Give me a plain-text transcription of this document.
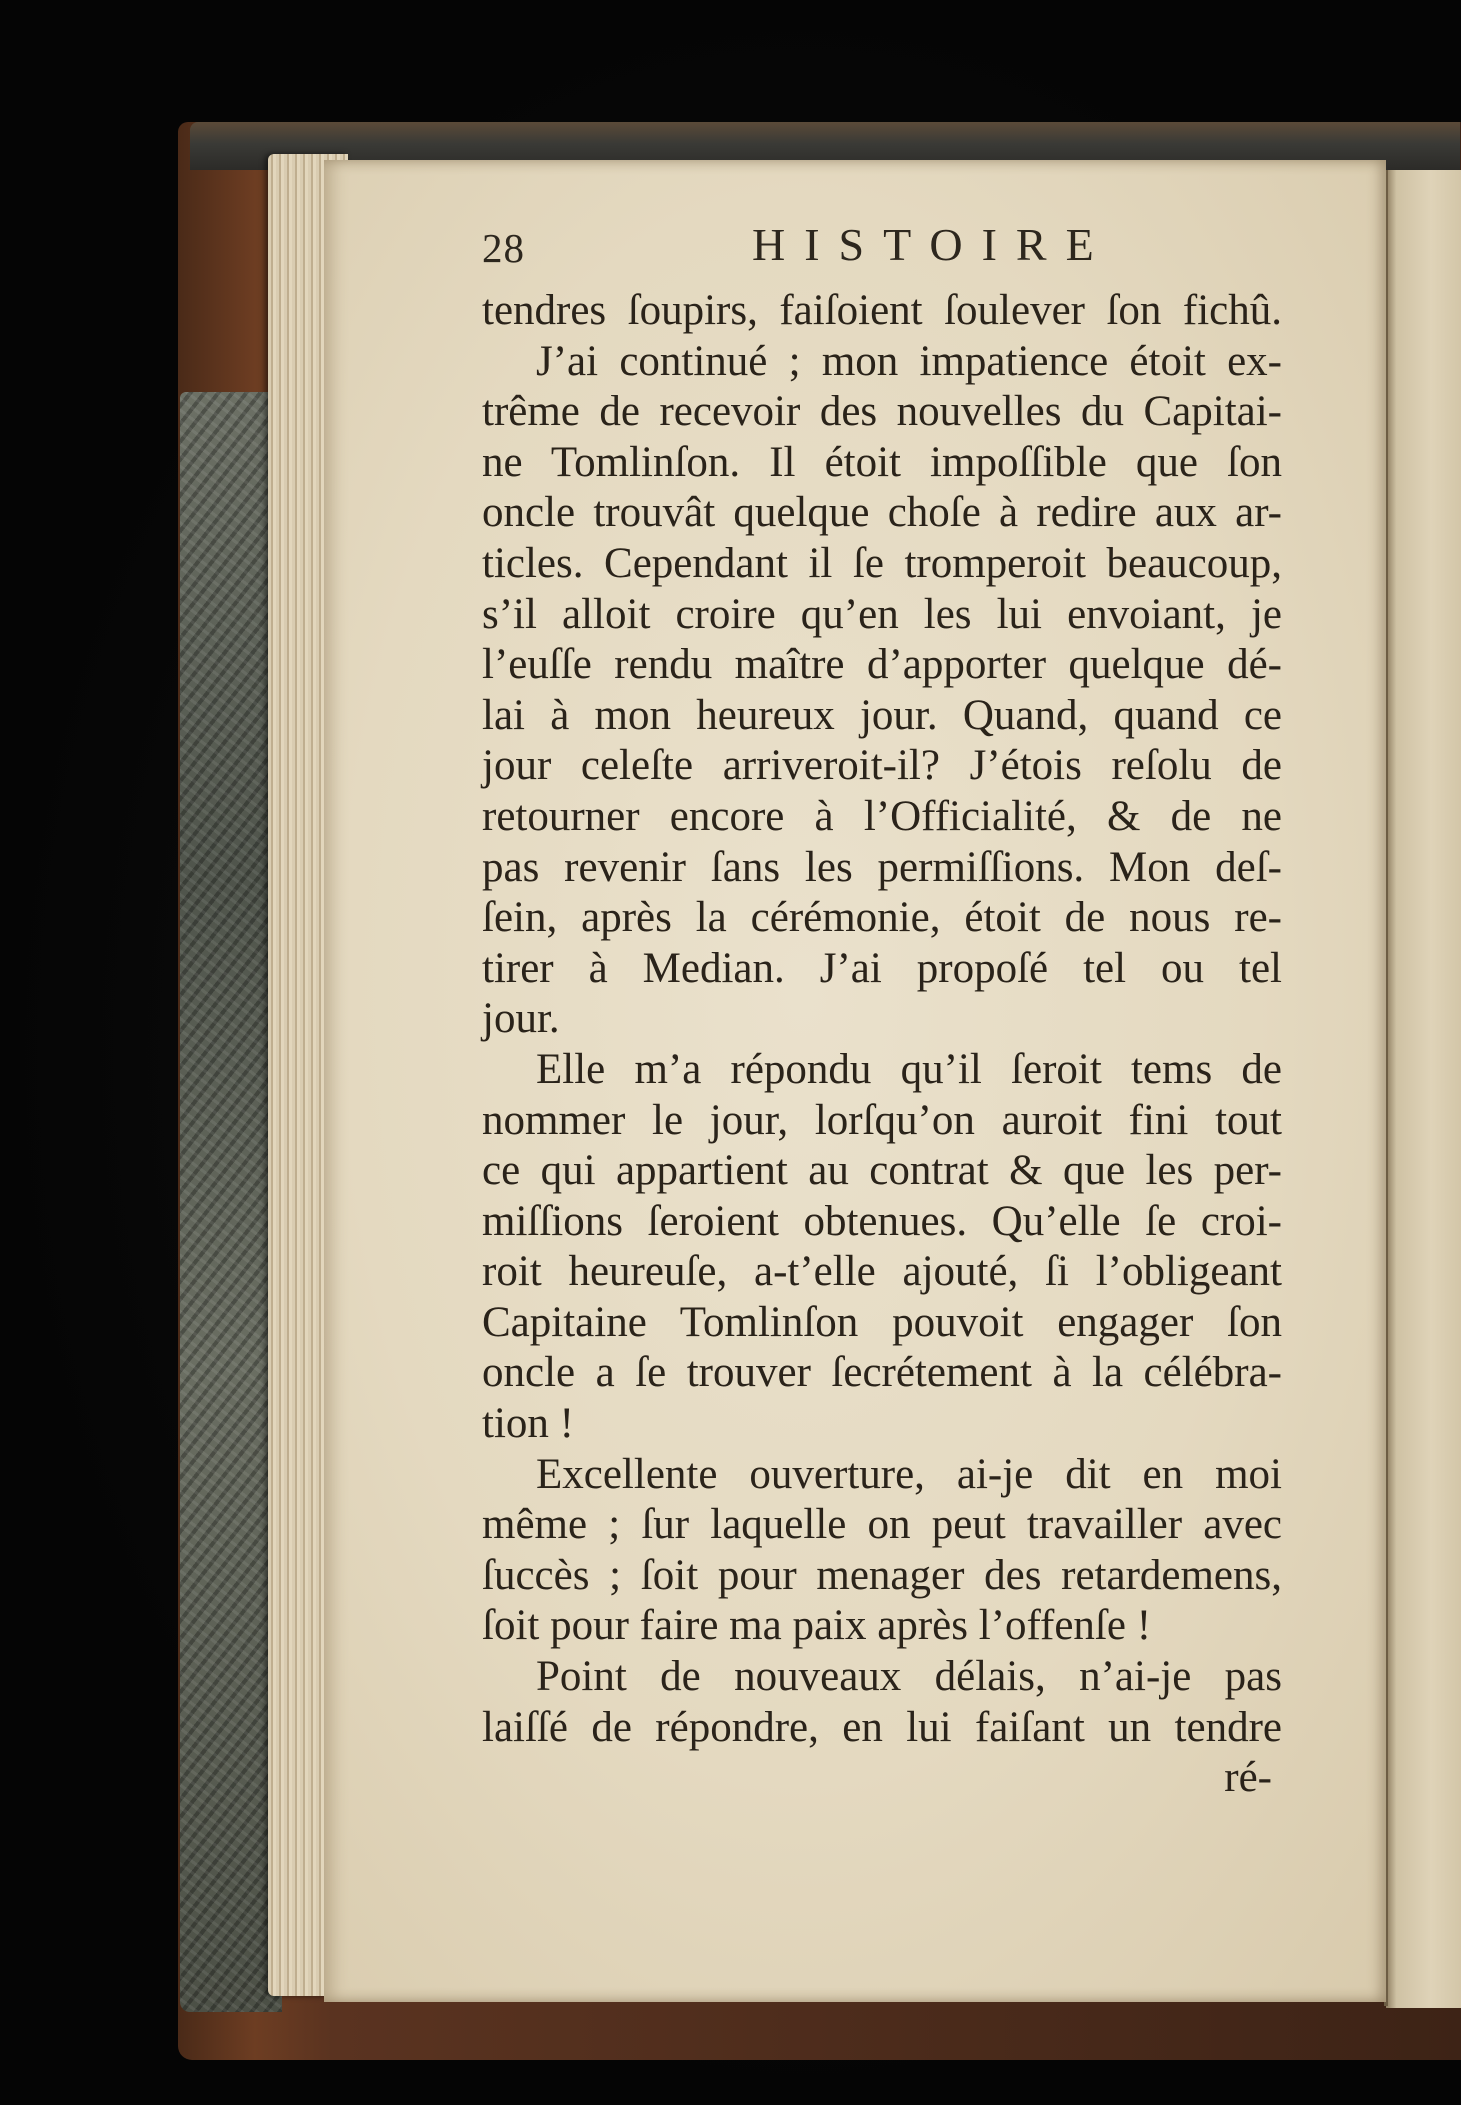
28	HISTOIRE
tendres ſoupirs, faiſoient ſoulever ſon fichû.
J’ai continué ; mon impatience étoit ex-
trême de recevoir des nouvelles du Capitai-
ne Tomlinſon. Il étoit impoſſible que ſon
oncle trouvât quelque choſe à redire aux ar-
ticles. Cependant il ſe tromperoit beaucoup,
s’il alloit croire qu’en les lui envoiant, je
l’euſſe rendu maître d’apporter quelque dé-
lai à mon heureux jour. Quand, quand ce
jour celeſte arriveroit-il? J’étois reſolu de
retourner encore à l’Officialité, & de ne
pas revenir ſans les permiſſions. Mon deſ-
ſein, après la cérémonie, étoit de nous re-
tirer à Median. J’ai propoſé tel ou tel
jour.
Elle m’a répondu qu’il ſeroit tems de
nommer le jour, lorſqu’on auroit fini tout
ce qui appartient au contrat & que les per-
miſſions ſeroient obtenues. Qu’elle ſe croi-
roit heureuſe, a-t’elle ajouté, ſi l’obligeant
Capitaine Tomlinſon pouvoit engager ſon
oncle a ſe trouver ſecrétement à la célébra-
tion !
Excellente ouverture, ai-je dit en moi
même ; ſur laquelle on peut travailler avec
ſuccès ; ſoit pour menager des retardemens,
ſoit pour faire ma paix après l’offenſe !
Point de nouveaux délais, n’ai-je pas
laiſſé de répondre, en lui faiſant un tendre
ré-
